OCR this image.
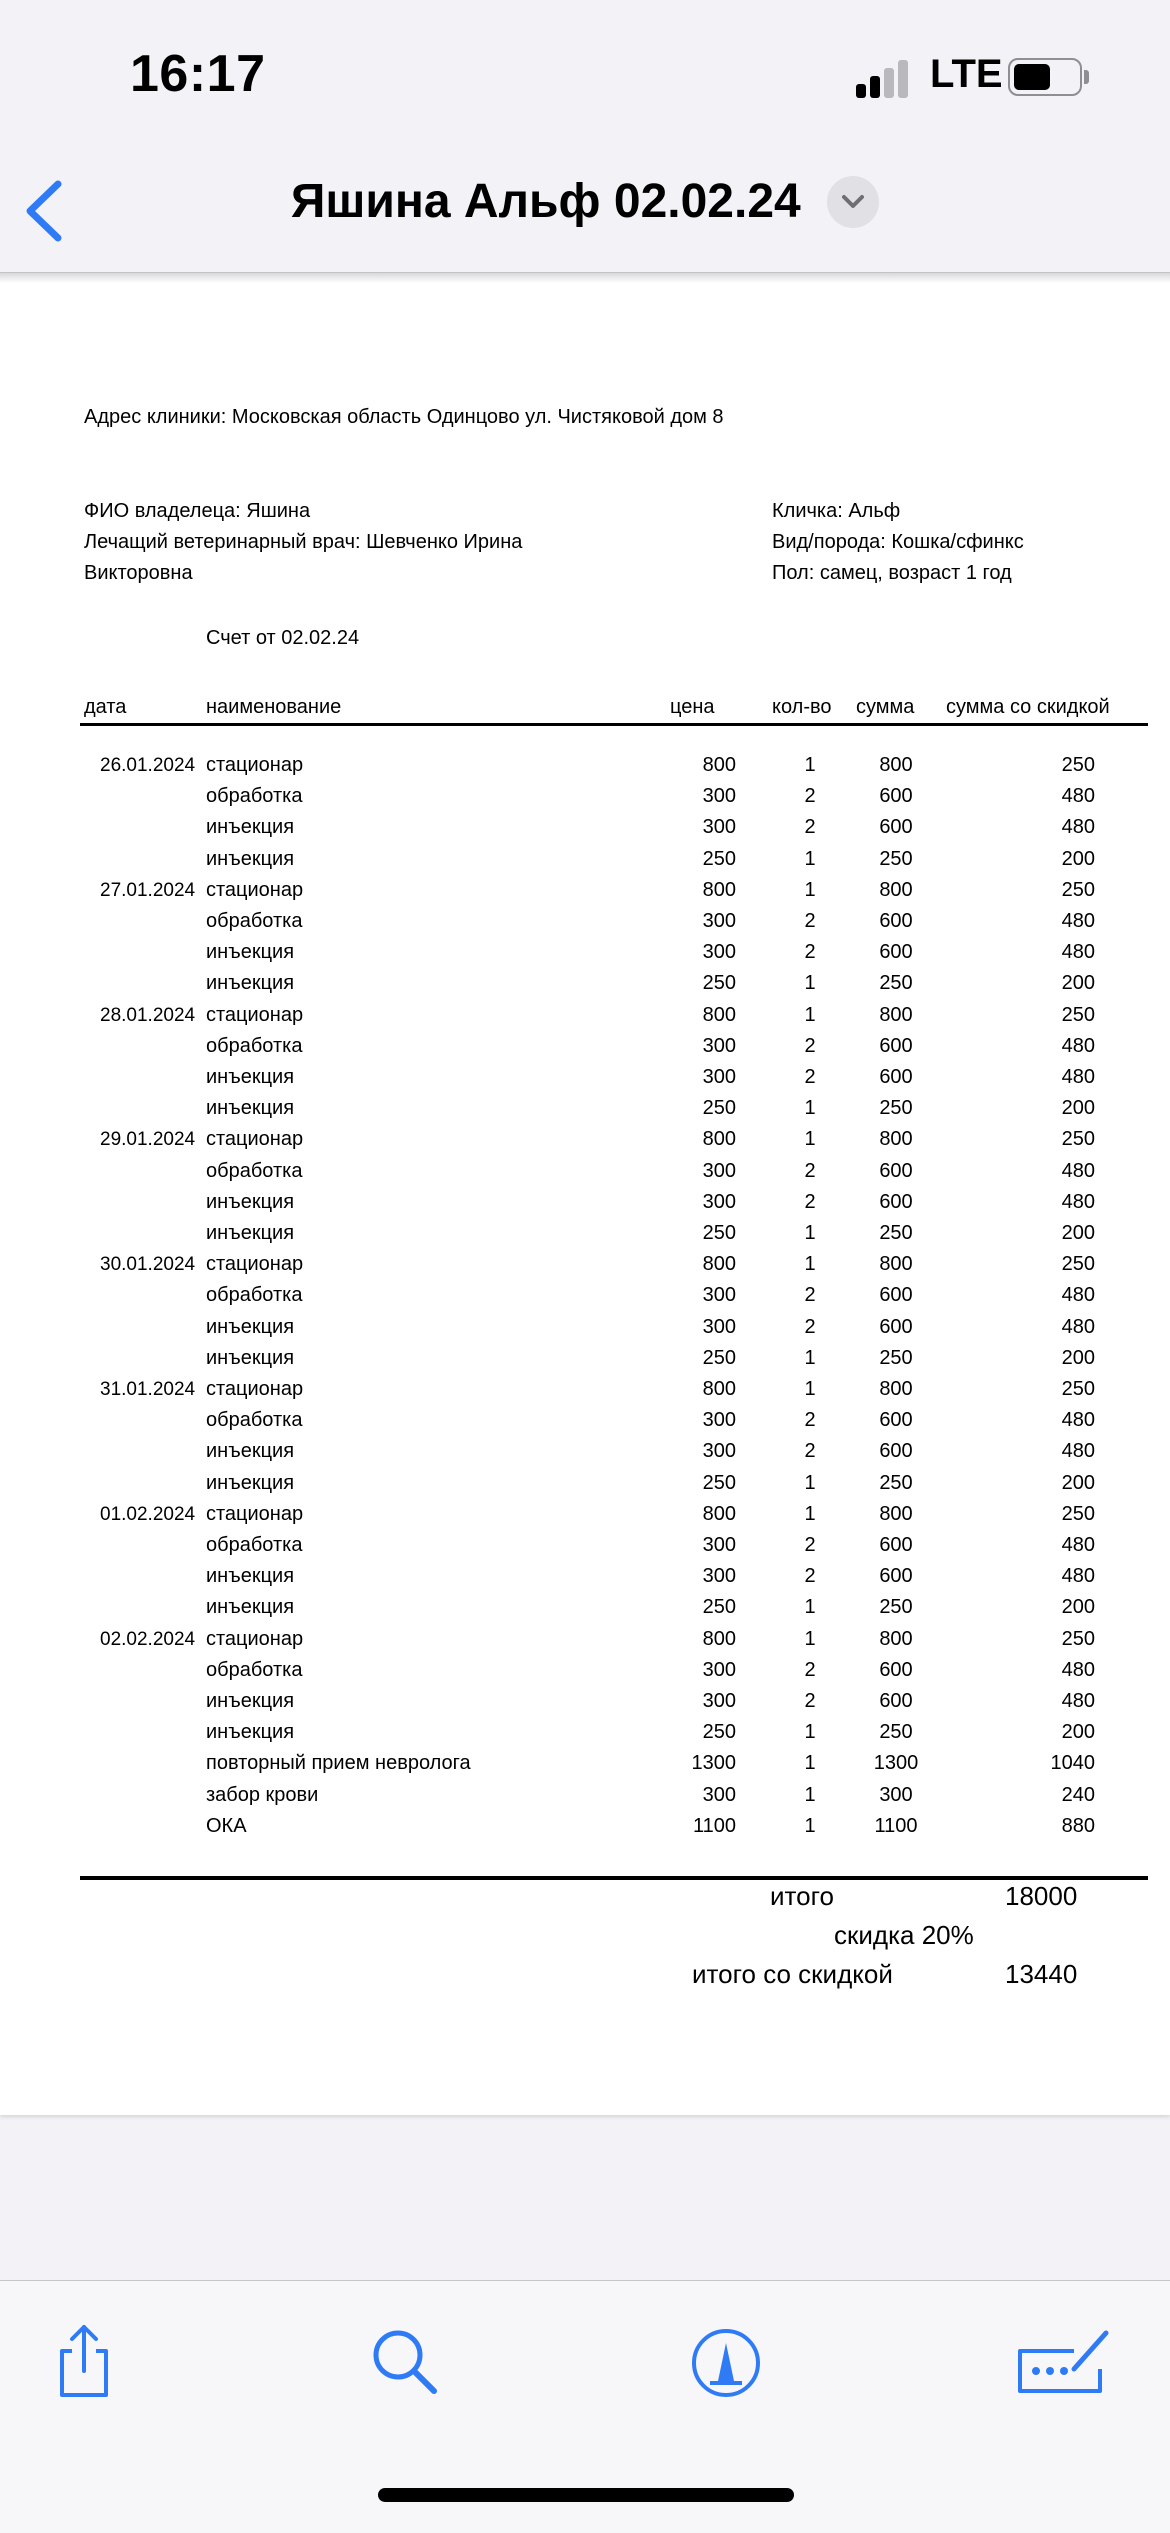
16:17	LTE
Яшина Альф 02.02.24
Адрес клиники: Московская область Одинцово ул. Чистяковой дом 8
ФИО владелеца: Яшина
Лечащий ветеринарный врач: Шевченко Ирина
Викторовна
Кличка: Альф
Вид/порода: Кошка/сфинкс
Пол: самец, возраст 1 год
Счет от 02.02.24
дата	наименование	цена	кол-во сумма сумма со скидкой
26.01.2024 стационар	800	1	800	250
обработка	300	2	600	480
инъекция	300	2	600	480
инъекция	250	1	250	200
27.01.2024 стационар	800	1	800	250
обработка	300	2	600	480
инъекция	300	2	600	480
инъекция	250	1	250	200
28.01.2024 стационар	800	1	800	250
обработка	300	2	600	480
инъекция	300	2	600	480
инъекция	250	1	250	200
29.01.2024 стационар	800	1	800	250
обработка	300	2	600	480
инъекция	300	2	600	480
инъекция	250	1	250	200
30.01.2024 стационар	800	1	800	250
обработка	300	2	600	480
инъекция	300	2	600	480
инъекция	250	1	250	200
31.01.2024 стационар	800	1	800	250
обработка	300	2	600	480
инъекция	300	2	600	480
инъекция	250	1	250	200
01.02.2024 стационар	800	1	800	250
обработка	300	2	600	480
инъекция	300	2	600	480
инъекция	250	1	250	200
02.02.2024 стационар	800	1	800	250
обработка	300	2	600	480
инъекция	300	2	600	480
инъекция	250	1	250	200
повторный прием невролога	1300	1	1300	1040
забор крови	300	1	300	240
ОКА	1100	1	1100	880
итого	18000
скидка 20%
итого со скидкой	13440
